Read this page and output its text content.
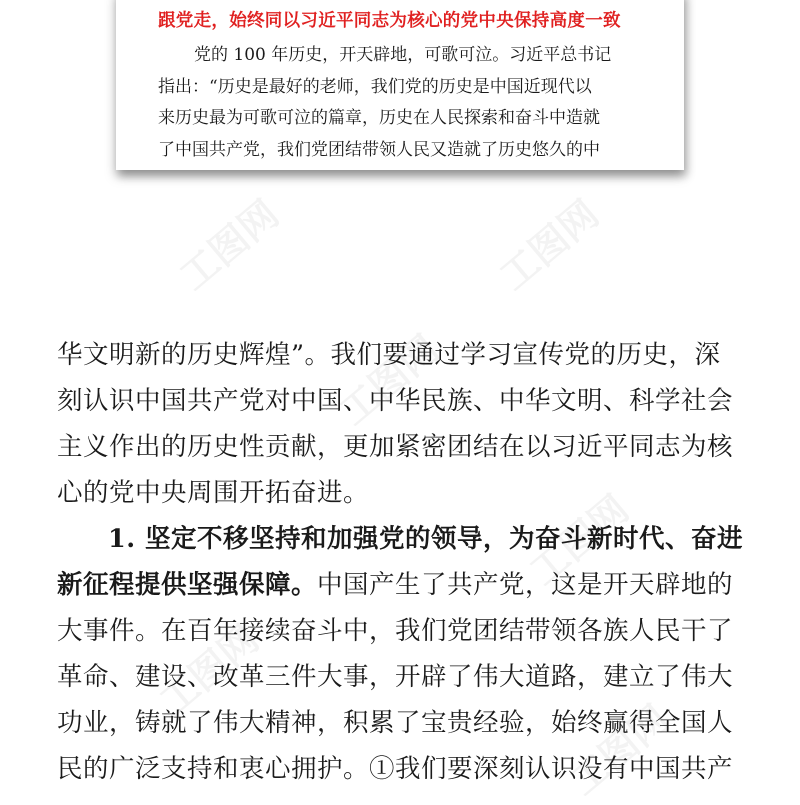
跟党走，始终同以习近平同志为核心的党中央保持高度一致
党的 100 年历史，开天辟地，可歌可泣。习近平总书记
指出：“历史是最好的老师，我们党的历史是中国近现代以
来历史最为可歌可泣的篇章，历史在人民探索和奋斗中造就
了中国共产党，我们党团结带领人民又造就了历史悠久的中
工图网	工图网
工图网
工图网
工图网
工图网
华文明新的历史辉煌”。我们要通过学习宣传党的历史，深
刻认识中国共产党对中国、中华民族、中华文明、科学社会
主义作出的历史性贡献，更加紧密团结在以习近平同志为核
心的党中央周围开拓奋进。
1. 坚定不移坚持和加强党的领导，为奋斗新时代、奋进
新征程提供坚强保障。中国产生了共产党，这是开天辟地的
大事件。在百年接续奋斗中，我们党团结带领各族人民干了
革命、建设、改革三件大事，开辟了伟大道路，建立了伟大
功业，铸就了伟大精神，积累了宝贵经验，始终赢得全国人
民的广泛支持和衷心拥护。①我们要深刻认识没有中国共产
